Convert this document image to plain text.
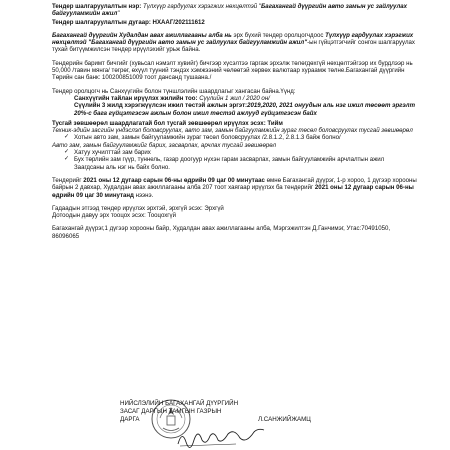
Тендер шалгаруулалтын нэр: Түлхүүр гардуулах хэрэгжих нөхцөлтэй "Багахангай дүүргийн авто замын ус зайлуулах байгууламжийн ажил"

Тендер шалгаруулалтын дугаар: НХААГ/202111612

Багахангай дүүргийн Худалдан авах ажиллагааны алба нь эрх бүхий тендер оролцогчдоос Түлхүүр гардуулах хэрэгжих нөхцөлтэй "Багахангай дүүргийн авто замын ус зайлуулах байгууламжийн ажил"-ын гүйцэтгэгчийг сонгон шалгаруулах тухай битүүмжилсэн тендер ирүүлэхийг урьж байна.

Тендерийн баримт бичгийг (хувьсал нэмэлт хувийг) бичгээр хүсэлтээ гаргаж эрхэлж төлөгдөхгүй нөхцөлтэйгээр их бурдлээр нь 50,000 /тавин мянга/ төгрөг, өхүүл тууний тэндэх хэмжээний чөлөөтэй хөрвөх валютаар хураамж төлне.Багахангай дүүргийн Төрийн сан банк: 100200851009 тоот дансанд тушаана./

Тендер оролцогч нь Санхүүгийн болон түншлэлийн шаардлагыг хангасан байна.Үүнд:

Санхүүгийн тайлан ирүүлэх жилийн тоо: Сүүлийн 1 жил / 2020 он/

Сүүлийн 3 жилд хэрэгжүүлсэн ижил төстэй ажлын эргэт:2019,2020, 2021 онуудын аль нэг ижил төсөөт эргэлт 20%-с бага гүйцэтгэсэн ажлын болон ижил төстэй ажлууд гүйцэтгэсэн байх

Тусгай зөвшөөрөл шаардлагатай бол тусгай зөвшөөрөл ирүүлэх эсэх: Тийм

Техник-эдийн засгийн үндэслэл боловсруулах, авто зам, замын байгууламжийн зураг төсөл боловсруулах тусгай зөвшөөрөл

✓ Хотын авто зам, замын байгууламжийн зураг төсөл боловсруулах /2.8.1.2, 2.8.1.3 байж болно/

Авто зам, замын байгууламжийг барих, засварлах, арчлах тусгай зөвшөөрөл

✓ Хатуу хучилттай зам барих
✓ Бух төрлийн зам гүүр, туннель, газар доогуур нүхэн гарам засварлах, замын байгууламжийн арчлалтын ажил

Заагдсаны аль нэг нь байх болно.

Тендерийг 2021 оны 12 дугаар сарын 06-ны өдрийн 09 цаг 00 минутаас өмнө Багахангай дүүрэг, 1-р хороо, 1 дүгээр хорооны байрын 2 давхар, Худалдан авах ажиллагааны алба 207 тоот хаягаар ирүүлэх ба тендерийг 2021 оны 12 дугаар сарын 06-ны өдрийн 09 цаг 30 минутанд нээнэ.

Гадаадын этгээд тендер ирүүлэх эрхтэй, эрхгүй эсэх: Эрхгүй

Дотоодын давуу эрх тооцох эсэх: Тооцохгүй

Багахангай дүүрэг,1 дүгээр хорооны байр, Худалдан авах ажиллагааны алба, Мэргэжилтэн Д.Ганчимэг, Утас:70491050, 86096065

НИЙСЛЭЛИЙН БАГАХАНГАЙ ДҮҮРГИЙН
ЗАСАГ ДАРГЫН ТАМГЫН ГАЗРЫН
ДАРГА	Л.САНЖИЙЖАМЦ
